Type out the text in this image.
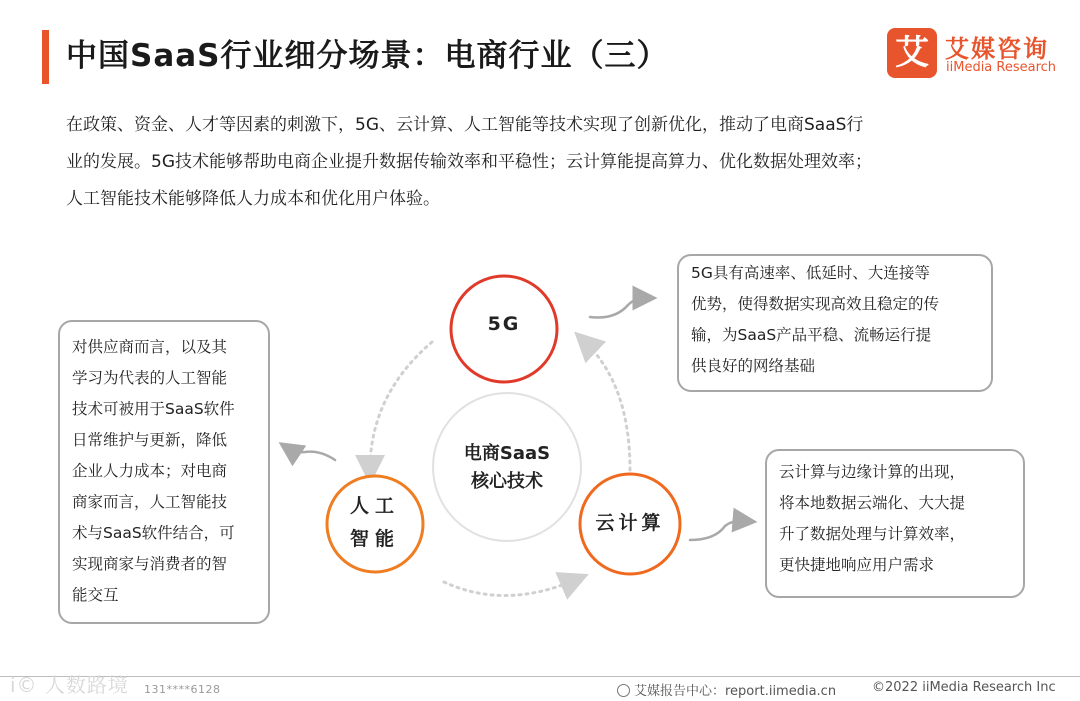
中国SaaS行业细分场景：电商行业（三）	艾 艾媒咨询
iiMedia Research

在政策、资金、人才等因素的刺激下，5G、云计算、人工智能等技术实现了创新优化，推动了电商SaaS行

业的发展。5G技术能够帮助电商企业提升数据传输效率和平稳性；云计算能提高算力、优化数据处理效率；

人工智能技术能够降低人力成本和优化用户体验。

电商SaaS
核心技术
5G
人工
智能
云计算
5G具有高速率、低延时、大连接等
优势，使得数据实现高效且稳定的传
输，为SaaS产品平稳、流畅运行提
供良好的网络基础
对供应商而言，以及其
学习为代表的人工智能
技术可被用于SaaS软件
日常维护与更新，降低
企业人力成本；对电商
商家而言，人工智能技
术与SaaS软件结合，可
实现商家与消费者的智
能交互
云计算与边缘计算的出现，
将本地数据云端化、大大提
升了数据处理与计算效率，
更快捷地响应用户需求
i© 人数路境 131****6128	艾媒报告中心：report.iimedia.cn	©2022 iiMedia Research Inc
